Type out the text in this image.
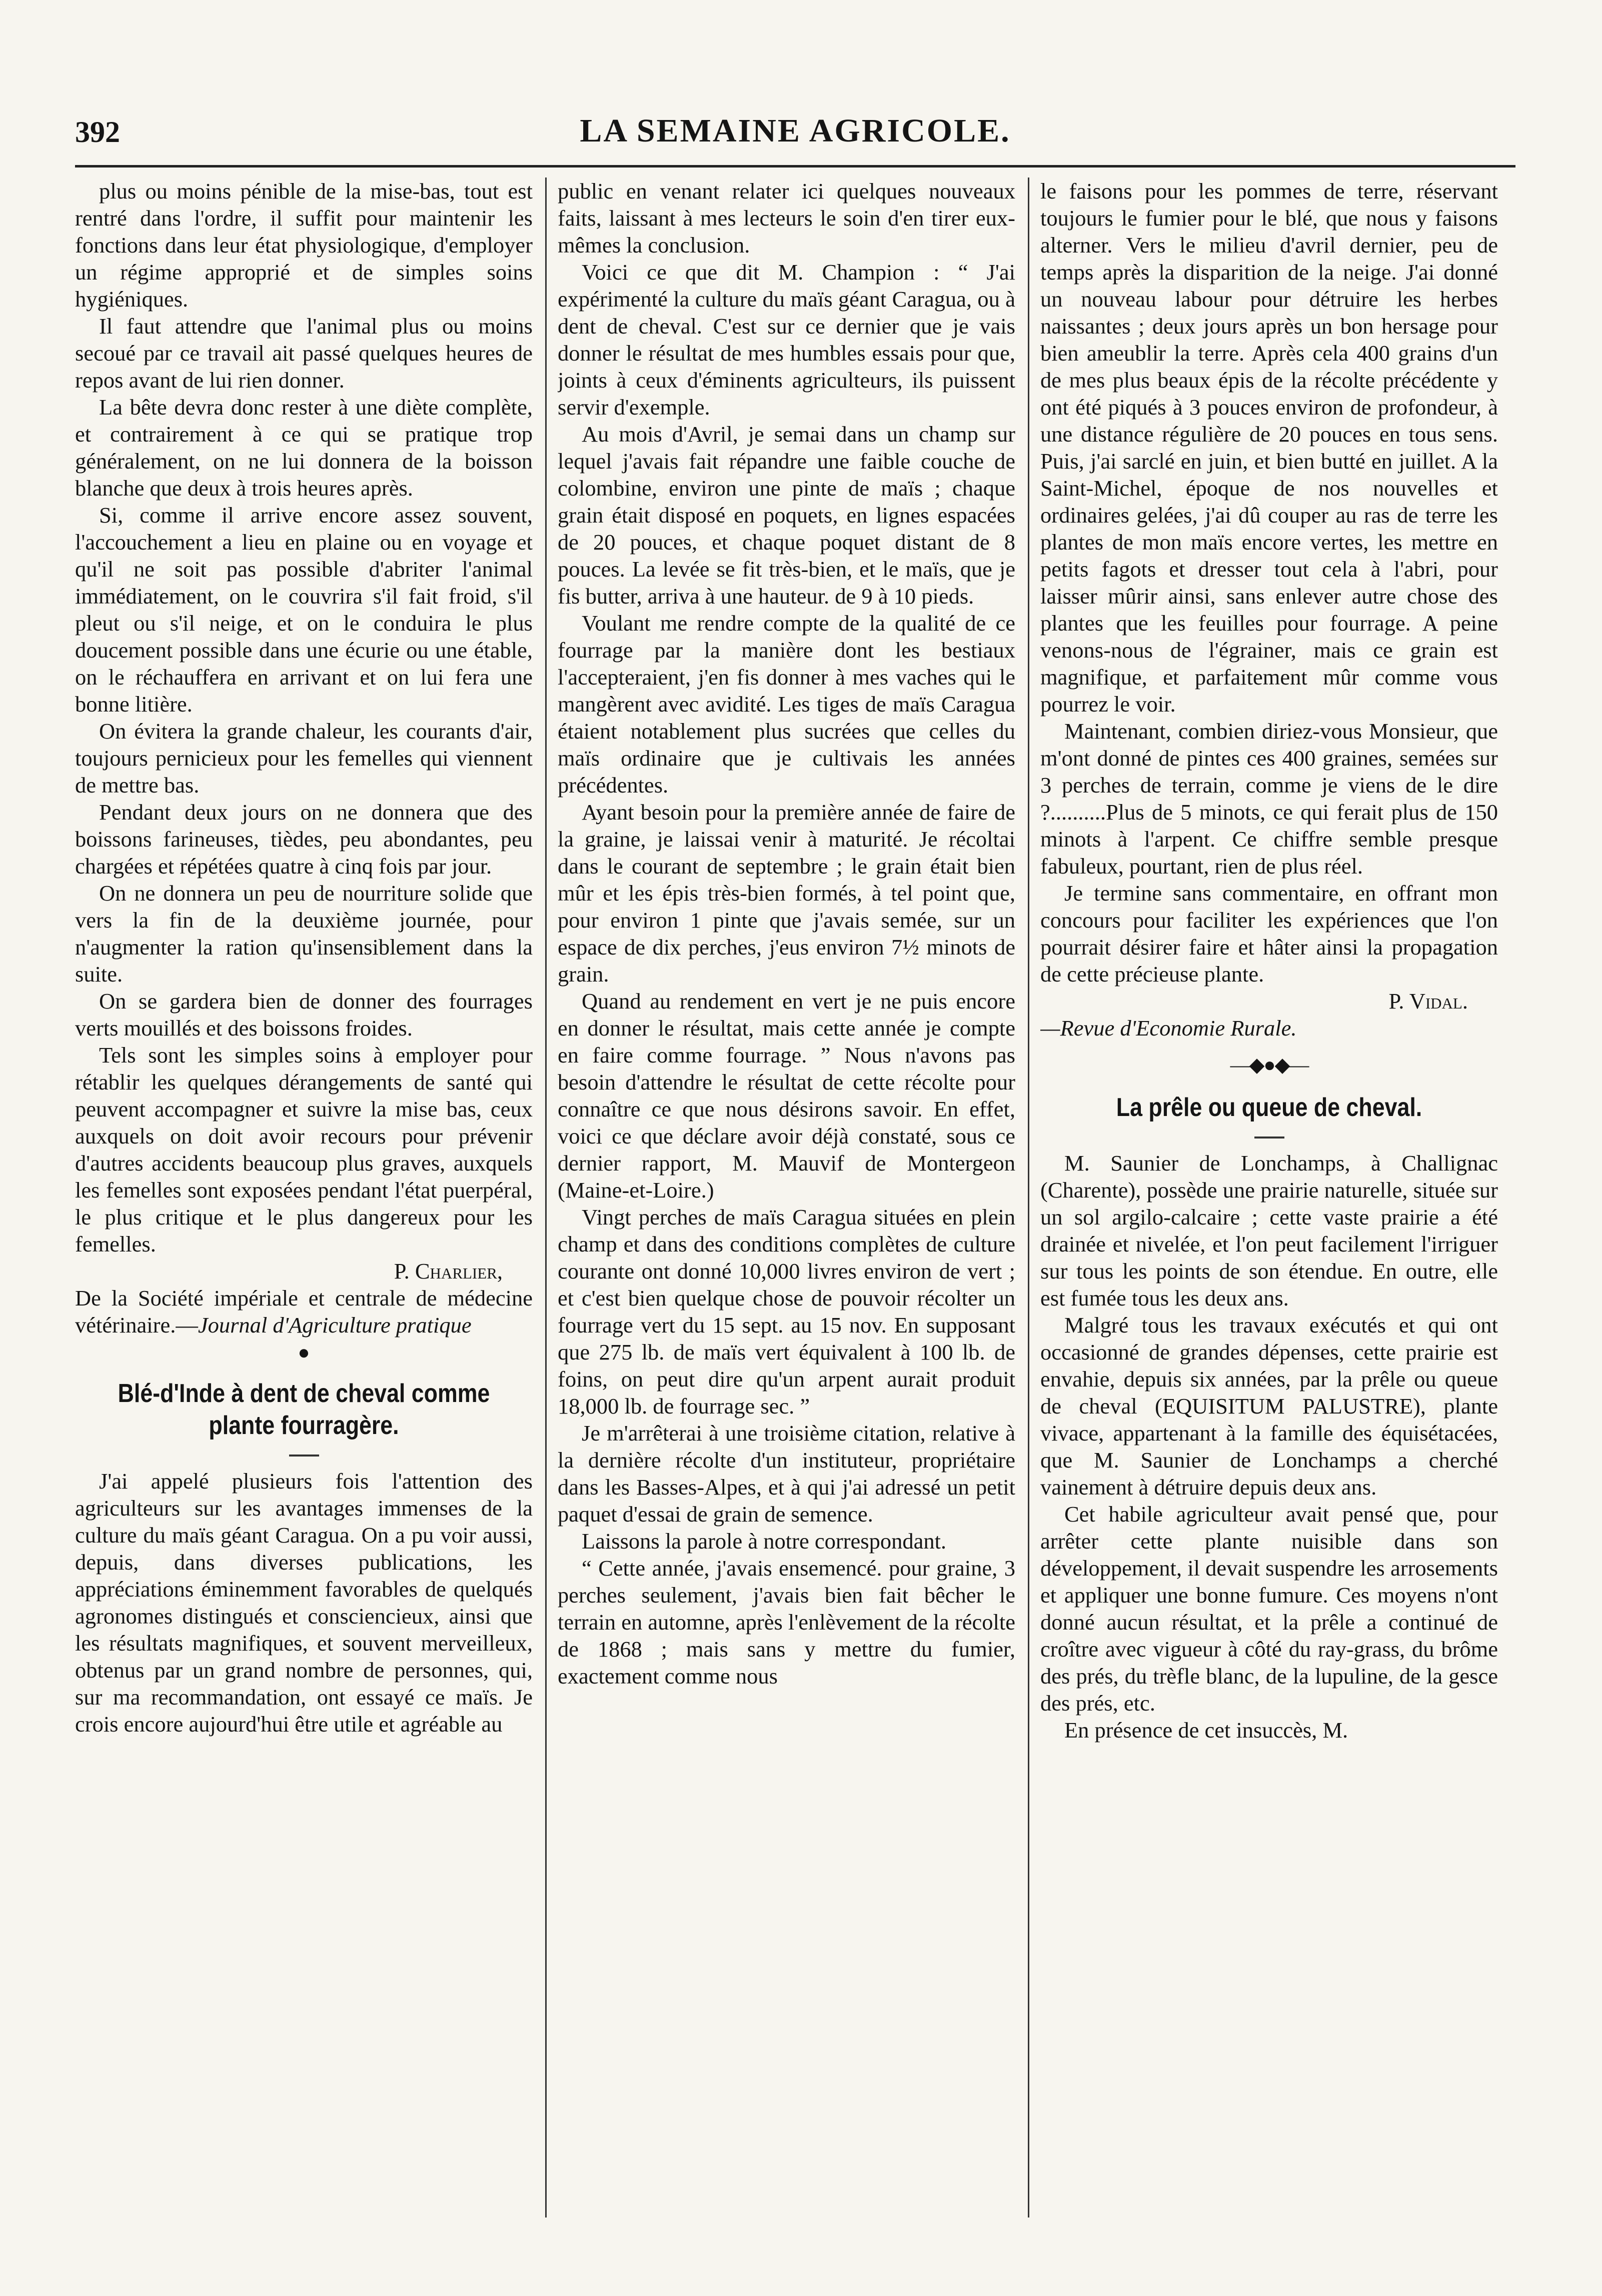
392	LA SEMAINE AGRICOLE.

plus ou moins pénible de la mise-bas, tout est rentré dans l'ordre, il suffit pour maintenir les fonctions dans leur état physiologique, d'employer un régime approprié et de simples soins hygiéniques.

Il faut attendre que l'animal plus ou moins secoué par ce travail ait passé quelques heures de repos avant de lui rien donner.

La bête devra donc rester à une diète complète, et contrairement à ce qui se pratique trop généralement, on ne lui donnera de la boisson blanche que deux à trois heures après.

Si, comme il arrive encore assez souvent, l'accouchement a lieu en plaine ou en voyage et qu'il ne soit pas possible d'abriter l'animal immédiatement, on le couvrira s'il fait froid, s'il pleut ou s'il neige, et on le conduira le plus doucement possible dans une écurie ou une étable, on le réchauffera en arrivant et on lui fera une bonne litière.

On évitera la grande chaleur, les courants d'air, toujours pernicieux pour les femelles qui viennent de mettre bas.

Pendant deux jours on ne donnera que des boissons farineuses, tièdes, peu abondantes, peu chargées et répétées quatre à cinq fois par jour.

On ne donnera un peu de nourriture solide que vers la fin de la deuxième journée, pour n'augmenter la ration qu'insensiblement dans la suite.

On se gardera bien de donner des fourrages verts mouillés et des boissons froides.

Tels sont les simples soins à employer pour rétablir les quelques dérangements de santé qui peuvent accompagner et suivre la mise bas, ceux auxquels on doit avoir recours pour prévenir d'autres accidents beaucoup plus graves, auxquels les femelles sont exposées pendant l'état puerpéral, le plus critique et le plus dangereux pour les femelles.

P. Charlier,

De la Société impériale et centrale de médecine vétérinaire.—Journal d'Agriculture pratique

●

Blé-d'Inde à dent de cheval comme plante fourragère.

J'ai appelé plusieurs fois l'attention des agriculteurs sur les avantages immenses de la culture du maïs géant Caragua. On a pu voir aussi, depuis, dans diverses publications, les appréciations éminemment favorables de quelqués agronomes distingués et consciencieux, ainsi que les résultats magnifiques, et souvent merveilleux, obtenus par un grand nombre de personnes, qui, sur ma recommandation, ont essayé ce maïs. Je crois encore aujourd'hui être utile et agréable au

public en venant relater ici quelques nouveaux faits, laissant à mes lecteurs le soin d'en tirer eux-mêmes la conclusion.

Voici ce que dit M. Champion : “ J'ai expérimenté la culture du maïs géant Caragua, ou à dent de cheval. C'est sur ce dernier que je vais donner le résultat de mes humbles essais pour que, joints à ceux d'éminents agriculteurs, ils puissent servir d'exemple.

Au mois d'Avril, je semai dans un champ sur lequel j'avais fait répandre une faible couche de colombine, environ une pinte de maïs ; chaque grain était disposé en poquets, en lignes espacées de 20 pouces, et chaque poquet distant de 8 pouces. La levée se fit très-bien, et le maïs, que je fis butter, arriva à une hauteur. de 9 à 10 pieds.

Voulant me rendre compte de la qualité de ce fourrage par la manière dont les bestiaux l'accepteraient, j'en fis donner à mes vaches qui le mangèrent avec avidité. Les tiges de maïs Caragua étaient notablement plus sucrées que celles du maïs ordinaire que je cultivais les années précédentes.

Ayant besoin pour la première année de faire de la graine, je laissai venir à maturité. Je récoltai dans le courant de septembre ; le grain était bien mûr et les épis très-bien formés, à tel point que, pour environ 1 pinte que j'avais semée, sur un espace de dix perches, j'eus environ 7½ minots de grain.

Quand au rendement en vert je ne puis encore en donner le résultat, mais cette année je compte en faire comme fourrage. ” Nous n'avons pas besoin d'attendre le résultat de cette récolte pour connaître ce que nous désirons savoir. En effet, voici ce que déclare avoir déjà constaté, sous ce dernier rapport, M. Mauvif de Montergeon (Maine-et-Loire.)

Vingt perches de maïs Caragua situées en plein champ et dans des conditions complètes de culture courante ont donné 10,000 livres environ de vert ; et c'est bien quelque chose de pouvoir récolter un fourrage vert du 15 sept. au 15 nov. En supposant que 275 lb. de maïs vert équivalent à 100 lb. de foins, on peut dire qu'un arpent aurait produit 18,000 lb. de fourrage sec. ”

Je m'arrêterai à une troisième citation, relative à la dernière récolte d'un instituteur, propriétaire dans les Basses-Alpes, et à qui j'ai adressé un petit paquet d'essai de grain de semence.

Laissons la parole à notre correspondant.

“ Cette année, j'avais ensemencé. pour graine, 3 perches seulement, j'avais bien fait bêcher le terrain en automne, après l'enlèvement de la récolte de 1868 ; mais sans y mettre du fumier, exactement comme nous

le faisons pour les pommes de terre, réservant toujours le fumier pour le blé, que nous y faisons alterner. Vers le milieu d'avril dernier, peu de temps après la disparition de la neige. J'ai donné un nouveau labour pour détruire les herbes naissantes ; deux jours après un bon hersage pour bien ameublir la terre. Après cela 400 grains d'un de mes plus beaux épis de la récolte précédente y ont été piqués à 3 pouces environ de profondeur, à une distance régulière de 20 pouces en tous sens. Puis, j'ai sarclé en juin, et bien butté en juillet. A la Saint-Michel, époque de nos nouvelles et ordinaires gelées, j'ai dû couper au ras de terre les plantes de mon maïs encore vertes, les mettre en petits fagots et dresser tout cela à l'abri, pour laisser mûrir ainsi, sans enlever autre chose des plantes que les feuilles pour fourrage. A peine venons-nous de l'égrainer, mais ce grain est magnifique, et parfaitement mûr comme vous pourrez le voir.

Maintenant, combien diriez-vous Monsieur, que m'ont donné de pintes ces 400 graines, semées sur 3 perches de terrain, comme je viens de le dire ?..........Plus de 5 minots, ce qui ferait plus de 150 minots à l'arpent. Ce chiffre semble presque fabuleux, pourtant, rien de plus réel.

Je termine sans commentaire, en offrant mon concours pour faciliter les expériences que l'on pourrait désirer faire et hâter ainsi la propagation de cette précieuse plante.

P. Vidal.

—Revue d'Economie Rurale.

—◆●◆—

La prêle ou queue de cheval.

M. Saunier de Lonchamps, à Challignac (Charente), possède une prairie naturelle, située sur un sol argilo-calcaire ; cette vaste prairie a été drainée et nivelée, et l'on peut facilement l'irriguer sur tous les points de son étendue. En outre, elle est fumée tous les deux ans.

Malgré tous les travaux exécutés et qui ont occasionné de grandes dépenses, cette prairie est envahie, depuis six années, par la prêle ou queue de cheval (EQUISITUM PALUSTRE), plante vivace, appartenant à la famille des équisétacées, que M. Saunier de Lonchamps a cherché vainement à détruire depuis deux ans.

Cet habile agriculteur avait pensé que, pour arrêter cette plante nuisible dans son développement, il devait suspendre les arrosements et appliquer une bonne fumure. Ces moyens n'ont donné aucun résultat, et la prêle a continué de croître avec vigueur à côté du ray-grass, du brôme des prés, du trèfle blanc, de la lupuline, de la gesce des prés, etc.

En présence de cet insuccès, M.
